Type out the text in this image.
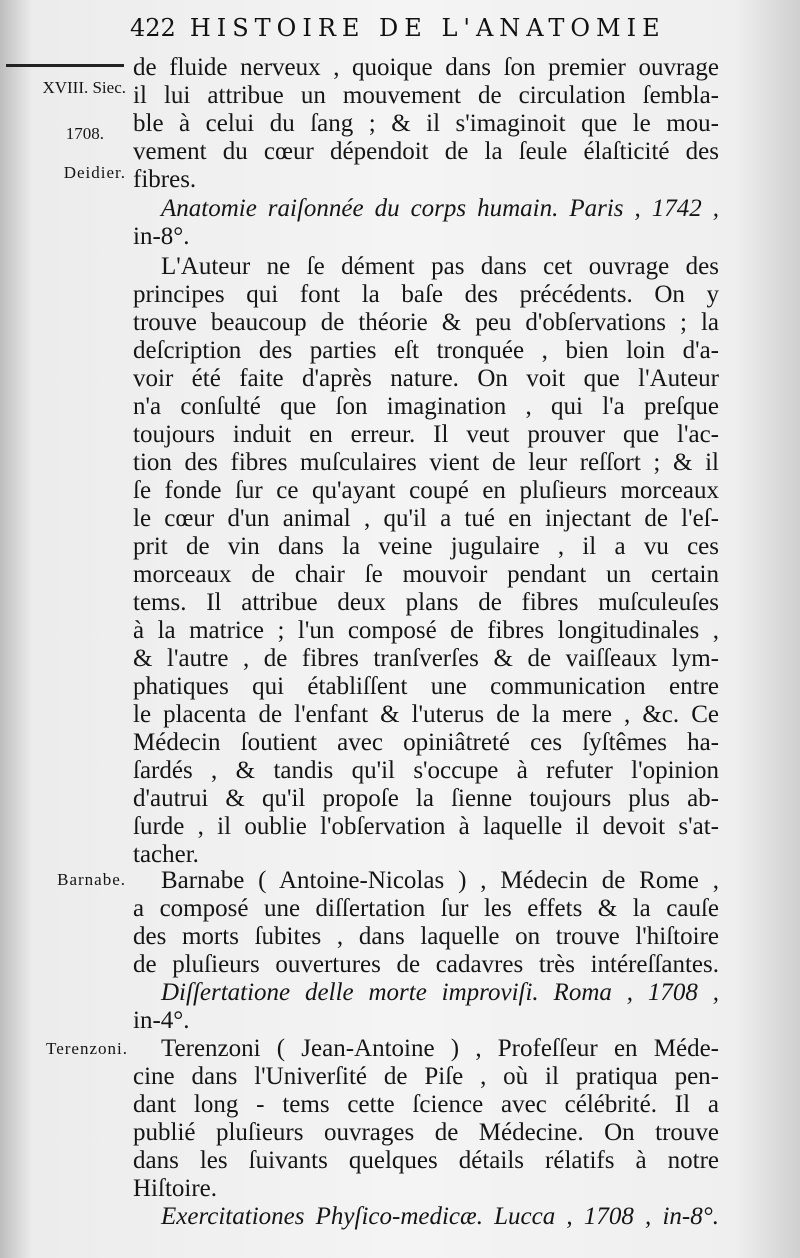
422 HISTOIRE DE L'ANATOMIE
XVIII. Siec.
1708.
Deidier.
Barnabe.
Terenzoni.
de fluide nerveux , quoique dans ſon premier ouvrage
il lui attribue un mouvement de circulation ſembla-
ble à celui du ſang ; & il s'imaginoit que le mou-
vement du cœur dépendoit de la ſeule élaſticité des
fibres.
Anatomie raiſonnée du corps humain. Paris , 1742 ,
in-8°.
L'Auteur ne ſe dément pas dans cet ouvrage des
principes qui font la baſe des précédents. On y
trouve beaucoup de théorie & peu d'obſervations ; la
deſcription des parties eſt tronquée , bien loin d'a-
voir été faite d'après nature. On voit que l'Auteur
n'a conſulté que ſon imagination , qui l'a preſque
toujours induit en erreur. Il veut prouver que l'ac-
tion des fibres muſculaires vient de leur reſſort ; & il
ſe fonde ſur ce qu'ayant coupé en pluſieurs morceaux
le cœur d'un animal , qu'il a tué en injectant de l'eſ-
prit de vin dans la veine jugulaire , il a vu ces
morceaux de chair ſe mouvoir pendant un certain
tems. Il attribue deux plans de fibres muſculeuſes
à la matrice ; l'un composé de fibres longitudinales ,
& l'autre , de fibres tranſverſes & de vaiſſeaux lym-
phatiques qui établiſſent une communication entre
le placenta de l'enfant & l'uterus de la mere , &c. Ce
Médecin ſoutient avec opiniâtreté ces ſyſtêmes ha-
ſardés , & tandis qu'il s'occupe à refuter l'opinion
d'autrui & qu'il propoſe la ſienne toujours plus ab-
ſurde , il oublie l'obſervation à laquelle il devoit s'at-
tacher.
Barnabe ( Antoine-Nicolas ) , Médecin de Rome ,
a composé une diſſertation ſur les effets & la cauſe
des morts ſubites , dans laquelle on trouve l'hiſtoire
de pluſieurs ouvertures de cadavres très intéreſſantes.
Diſſertatione delle morte improviſi. Roma , 1708 ,
in-4°.
Terenzoni ( Jean-Antoine ) , Profeſſeur en Méde-
cine dans l'Univerſité de Piſe , où il pratiqua pen-
dant long - tems cette ſcience avec célébrité. Il a
publié pluſieurs ouvrages de Médecine. On trouve
dans les ſuivants quelques détails rélatifs à notre
Hiſtoire.
Exercitationes Phyſico-medicæ. Lucca , 1708 , in-8°.
